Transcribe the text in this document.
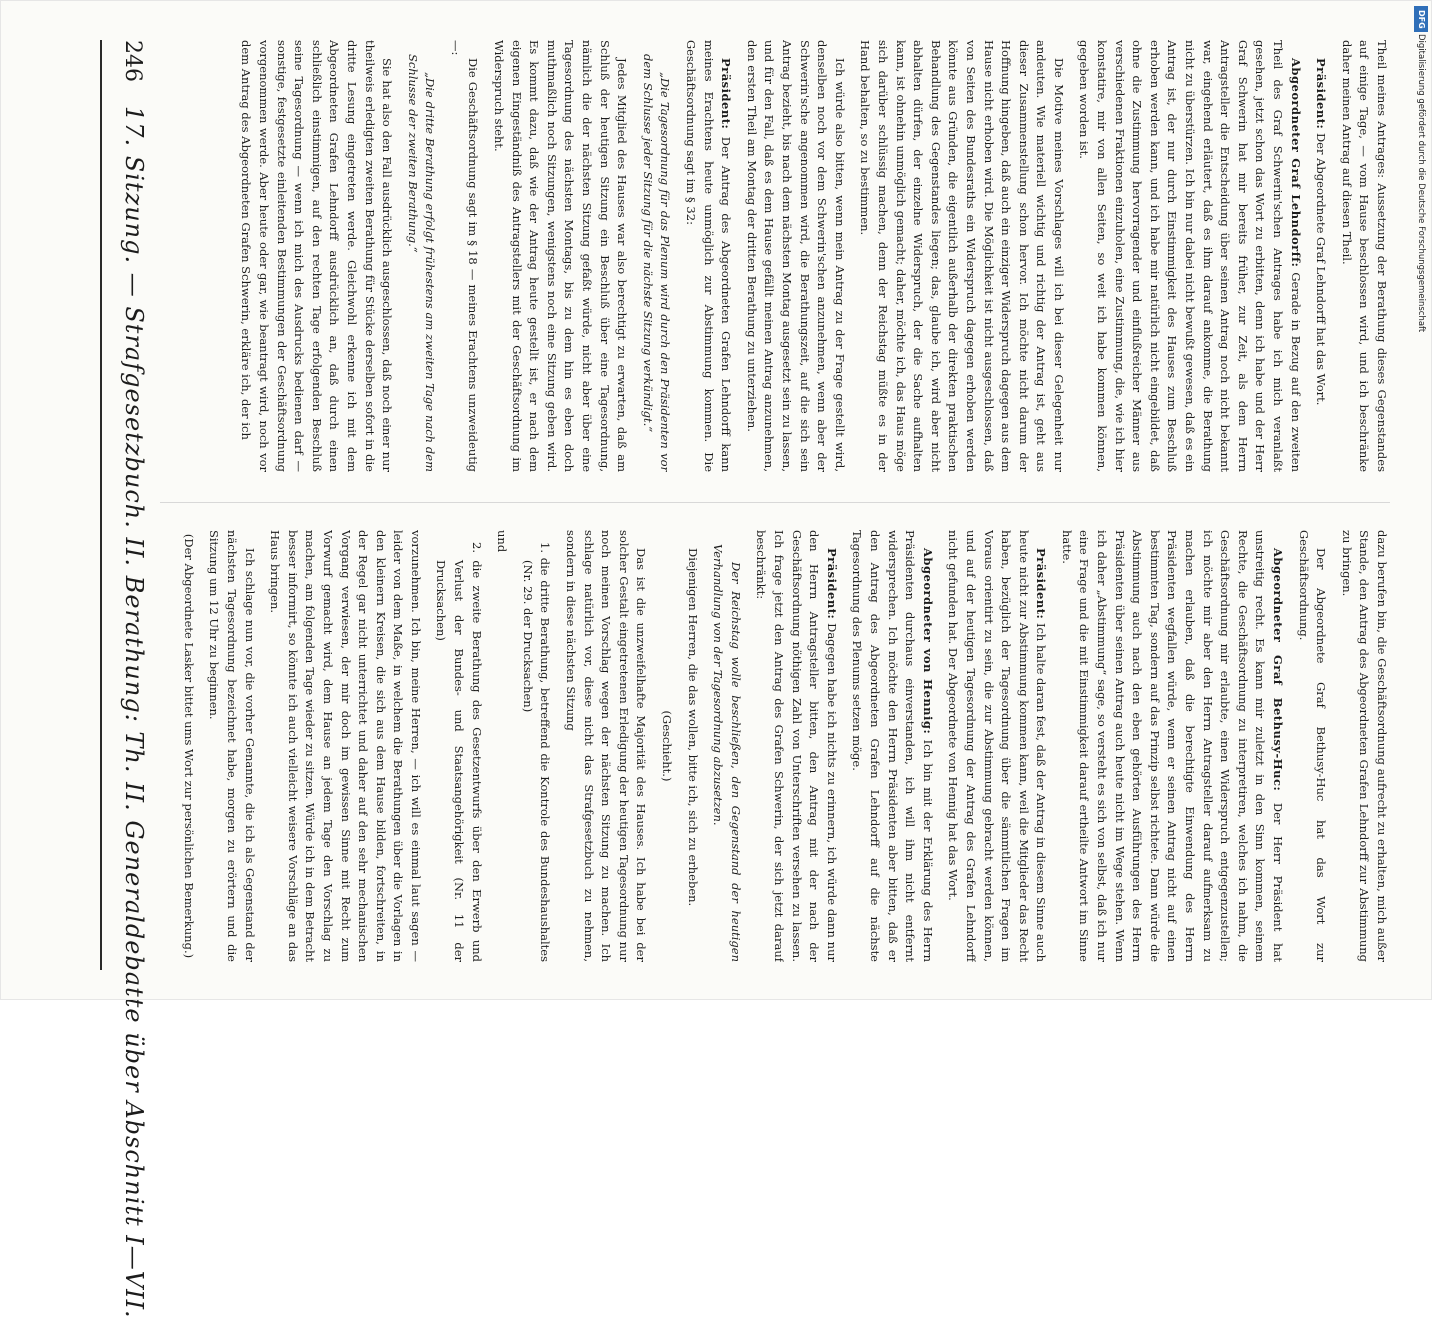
Theil meines Antrages: Aussetzung der Berathung dieses Gegenstandes auf einige Tage, — vom Hause beschlossen wird, und ich beschränke daher meinen Antrag auf diesen Theil.

Präsident: Der Abgeordnete Graf Lehndorff hat das Wort.

Abgeordneter Graf Lehndorff: Gerade in Bezug auf den zweiten Theil des Graf Schwerin'schen Antrages habe ich mich veranlaßt gesehen, jetzt schon das Wort zu erbitten, denn ich habe und der Herr Graf Schwerin hat mir bereits früher, zur Zeit, als dem Herrn Antragsteller die Entscheidung über seinen Antrag noch nicht bekannt war, eingehend erläutert, daß es ihm darauf ankomme, die Berathung nicht zu überstürzen. Ich bin nur dabei nicht bewußt gewesen, daß es ein Antrag ist, der nur durch Einstimmigkeit des Hauses zum Beschluß erhoben werden kann, und ich habe mir natürlich nicht eingebildet, daß ohne die Zustimmung hervorragender und einflußreicher Männer aus verschiedenen Fraktionen einzuholen, eine Zustimmung, die, wie ich hier konstatire, mir von allen Seiten, so weit ich habe kommen können, gegeben worden ist.

Die Motive meines Vorschlages will ich bei dieser Gelegenheit nur andeuten. Wie materiell wichtig und richtig der Antrag ist, geht aus dieser Zusammenstellung schon hervor. Ich möchte nicht darum der Hoffnung hingeben, daß auch ein einziger Widerspruch dagegen aus dem Hause nicht erhoben wird. Die Möglichkeit ist nicht ausgeschlossen, daß von Seiten des Bundesraths ein Widerspruch dagegen erhoben werden könnte aus Gründen, die eigentlich außerhalb der direkten praktischen Behandlung des Gegenstandes liegen; das, glaube ich, wird aber nicht abhalten dürfen, der einzelne Widerspruch, der die Sache aufhalten kann, ist ohnehin unmöglich gemacht; daher, möchte ich, das Haus möge sich darüber schlüssig machen, denn der Reichstag müßte es in der Hand behalten, so zu bestimmen.

Ich würde also bitten, wenn mein Antrag zu der Frage gestellt wird, denselben noch vor dem Schwerin'schen anzunehmen, wenn aber der Schwerin'sche angenommen wird, die Berathungszeit, auf die sich sein Antrag bezieht, bis nach dem nächsten Montag ausgesetzt sein zu lassen, und für den Fall, daß es dem Hause gefällt meinen Antrag anzunehmen, den ersten Theil am Montag der dritten Berathung zu unterziehen.

Präsident: Der Antrag des Abgeordneten Grafen Lehndorff kann meines Erachtens heute unmöglich zur Abstimmung kommen. Die Geschäftsordnung sagt im § 32:

„Die Tagesordnung für das Plenum wird durch den Präsidenten vor dem Schlusse jeder Sitzung für die nächste Sitzung verkündigt.“

Jedes Mitglied des Hauses war also berechtigt zu erwarten, daß am Schluß der heutigen Sitzung ein Beschluß über eine Tagesordnung, nämlich die der nächsten Sitzung gefaßt würde, nicht aber über eine Tagesordnung des nächsten Montags, bis zu dem hin es eben doch muthmaßlich noch Sitzungen, wenigstens noch eine Sitzung geben wird. Es kommt dazu, daß wie der Antrag heute gestellt ist, er nach dem eigenen Eingeständniß des Antragstellers mit der Geschäftsordnung im Widerspruch steht.

Die Geschäftsordnung sagt im § 18 — meines Erachtens unzweideutig —:

„Die dritte Berathung erfolgt frühestens am zweiten Tage nach dem Schlusse der zweiten Berathung.“

Sie hat also den Fall ausdrücklich ausgeschlossen, daß noch einer nur theilweis erledigten zweiten Berathung für Stücke derselben sofort in die dritte Lesung eingetreten werde. Gleichwohl erkenne ich mit dem Abgeordneten Grafen Lehndorff ausdrücklich an, daß durch einen schließlich einstimmigen, auf den rechten Tage erfolgenden Beschluß seine Tagesordnung — wenn ich mich des Ausdrucks bedienen darf — sonstige, festgesetzte einleitenden Bestimmungen der Geschäftsordnung vorgenommen werde. Aber heute oder gar, wie beantragt wird, noch vor dem Antrag des Abgeordneten Grafen Schwerin, erkläre ich, der ich

dazu berufen bin, die Geschäftsordnung aufrecht zu erhalten, mich außer Stande, den Antrag des Abgeordneten Grafen Lehndorff zur Abstimmung zu bringen.

Der Abgeordnete Graf Bethusy-Huc hat das Wort zur Geschäftsordnung.

Abgeordneter Graf Bethusy-Huc: Der Herr Präsident hat unstreitig recht. Es kann mir zuletzt in den Sinn kommen, seinem Rechte, die Geschäftsordnung zu interpretiren, welches ich nahm, die Geschäftsordnung mir erlaubte, einen Widerspruch entgegenzustellen; ich möchte mir aber den Herrn Antragsteller darauf aufmerksam zu machen erlauben, daß die berechtigte Einwendung des Herrn Präsidenten wegfallen würde, wenn er seinen Antrag nicht auf einen bestimmten Tag, sondern auf das Prinzip selbst richtete. Dann würde die Abstimmung auch nach den eben gehörten Ausführungen des Herrn Präsidenten über seinen Antrag auch heute nicht im Wege stehen. Wenn ich daher „Abstimmung“ sage, so versteht es sich von selbst, daß ich nur eine Frage und die mit Einstimmigkeit darauf ertheilte Antwort im Sinne hatte.

Präsident: Ich halte daran fest, daß der Antrag in diesem Sinne auch heute nicht zur Abstimmung kommen kann, weil die Mitglieder das Recht haben, bezüglich der Tagesordnung über die sämmtlichen Fragen im Voraus orientirt zu sein, die zur Abstimmung gebracht werden können, und auf der heutigen Tagesordnung der Antrag des Grafen Lehndorff nicht gefunden hat. Der Abgeordnete von Hennig hat das Wort.

Abgeordneter von Hennig: Ich bin mit der Erklärung des Herrn Präsidenten durchaus einverstanden, ich will ihm nicht entfernt widersprechen. Ich möchte den Herrn Präsidenten aber bitten, daß er den Antrag des Abgeordneten Grafen Lehndorff auf die nächste Tagesordnung des Plenums setzen möge.

Präsident: Dagegen habe ich nichts zu erinnern, ich würde dann nur den Herrn Antragsteller bitten, den Antrag mit der nach der Geschäftsordnung nöthigen Zahl von Unterschriften versehen zu lassen. Ich frage jetzt den Antrag des Grafen Schwerin, der sich jetzt darauf beschränkt:

Der Reichstag wolle beschließen, den Gegenstand der heutigen Verhandlung von der Tagesordnung abzusetzen.

Diejenigen Herren, die das wollen, bitte ich, sich zu erheben.

(Geschieht.)

Das ist die unzweifelhafte Majorität des Hauses. Ich habe bei der solcher Gestalt eingetretenen Erledigung der heutigen Tagesordnung nur noch meinen Vorschlag wegen der nächsten Sitzung zu machen. Ich schlage natürlich vor, diese nicht das Strafgesetzbuch zu nehmen, sondern in diese nächsten Sitzung

1. die dritte Berathung, betreffend die Kontrole des Bundeshaushaltes (Nr. 29. der Drucksachen)

und

2. die zweite Berathung des Gesetzentwurfs über den Erwerb und Verlust der Bundes- und Staatsangehörigkeit (Nr. 11 der Drucksachen)

vorzunehmen. Ich bin, meine Herren, — ich will es einmal laut sagen — leider von dem Maße, in welchem die Berathungen über die Vorlagen in den kleinern Kreisen, die sich aus dem Hause bilden, fortschreiten, in der Regel gar nicht unterrichtet und daher auf den sehr mechanischen Vorgang verwiesen, der mir doch im gewissen Sinne mit Recht zum Vorwurf gemacht wird, dem Hause an jedem Tage den Vorschlag zu machen, am folgenden Tage wieder zu sitzen. Würde ich in dem Betracht besser informirt, so könnte ich auch vielleicht weisere Vorschläge an das Haus bringen.

Ich schlage nun vor, die vorher Genannte, die ich als Gegenstand der nächsten Tagesordnung bezeichnet habe, morgen zu erörtern und die Sitzung um 12 Uhr zu beginnen.

(Der Abgeordnete Lasker bittet ums Wort zur persönlichen Bemerkung.)

246
17. Sitzung. — Strafgesetzbuch. II. Berathung: Th. II. Generaldebatte über Abschnitt I—VII.
DFG
Digitalisierung gefördert durch die Deutsche Forschungsgemeinschaft
